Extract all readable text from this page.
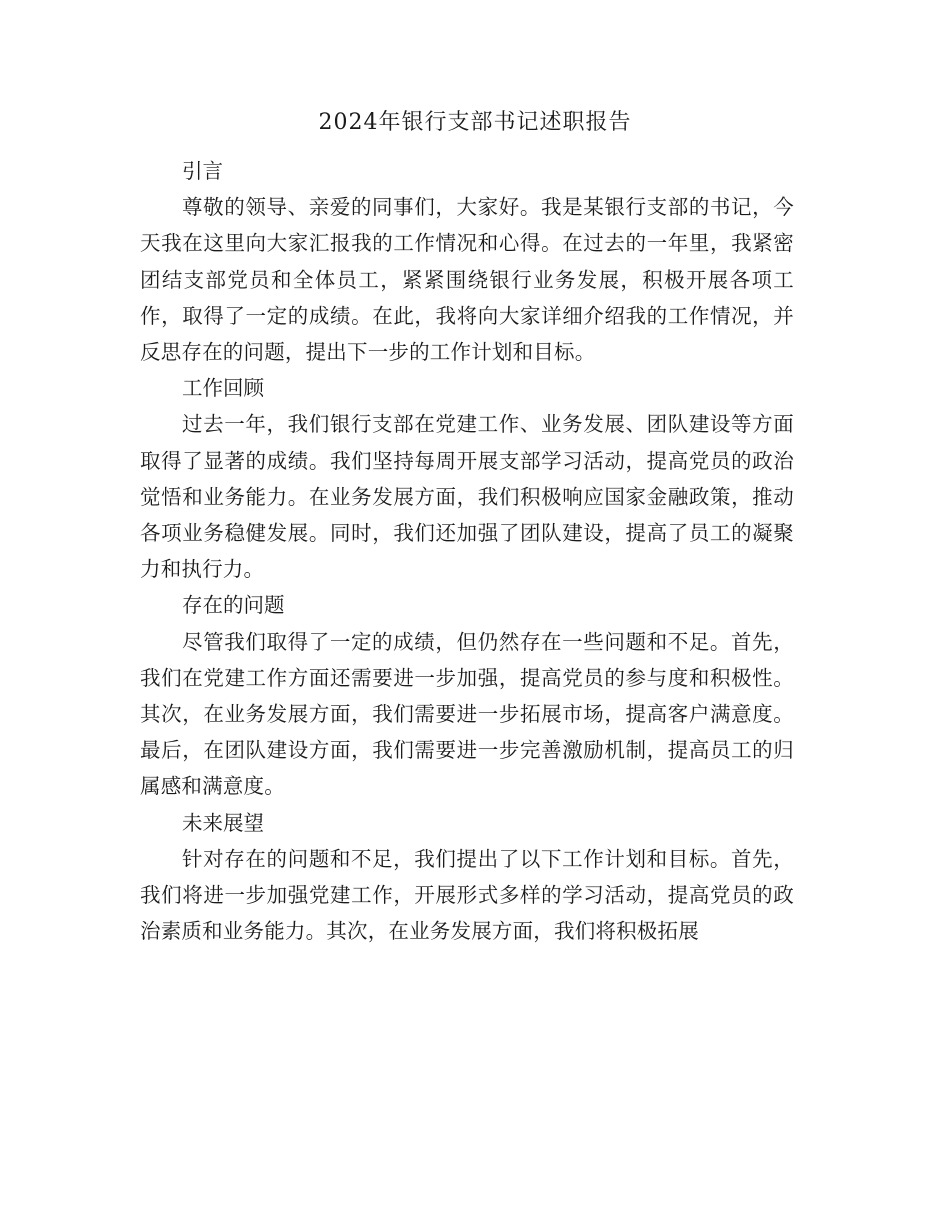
2024年银行支部书记述职报告
引言

尊敬的领导、亲爱的同事们，大家好。我是某银行支部的书记，今天我在这里向大家汇报我的工作情况和心得。在过去的一年里，我紧密团结支部党员和全体员工，紧紧围绕银行业务发展，积极开展各项工作，取得了一定的成绩。在此，我将向大家详细介绍我的工作情况，并反思存在的问题，提出下一步的工作计划和目标。

工作回顾

过去一年，我们银行支部在党建工作、业务发展、团队建设等方面取得了显著的成绩。我们坚持每周开展支部学习活动，提高党员的政治觉悟和业务能力。在业务发展方面，我们积极响应国家金融政策，推动各项业务稳健发展。同时，我们还加强了团队建设，提高了员工的凝聚力和执行力。

存在的问题

尽管我们取得了一定的成绩，但仍然存在一些问题和不足。首先，我们在党建工作方面还需要进一步加强，提高党员的参与度和积极性。其次，在业务发展方面，我们需要进一步拓展市场，提高客户满意度。最后，在团队建设方面，我们需要进一步完善激励机制，提高员工的归属感和满意度。

未来展望

针对存在的问题和不足，我们提出了以下工作计划和目标。首先，我们将进一步加强党建工作，开展形式多样的学习活动，提高党员的政治素质和业务能力。其次，在业务发展方面，我们将积极拓展
